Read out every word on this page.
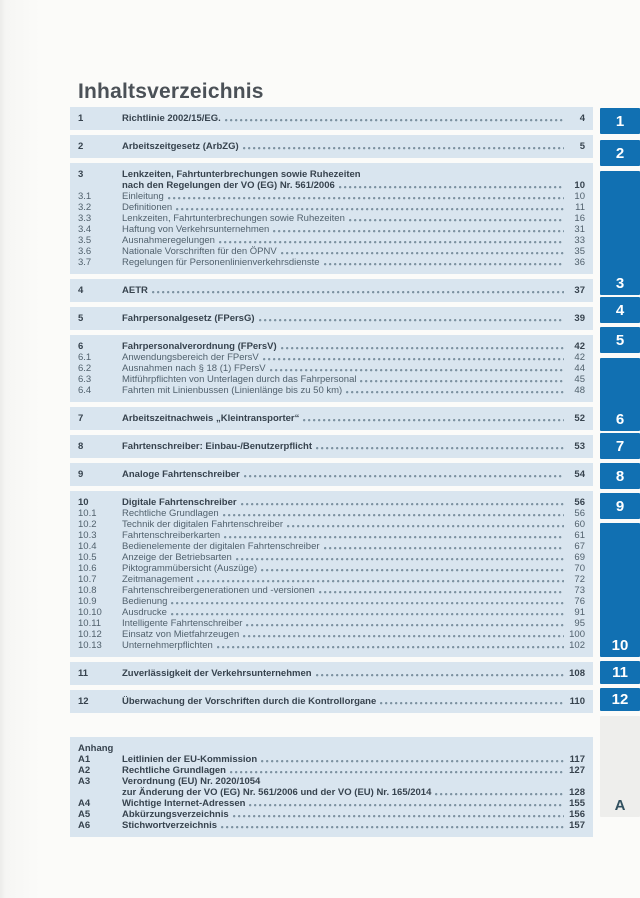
Inhaltsverzeichnis
1	Richtlinie 2002/15/EG.	4
2	Arbeitszeitgesetz (ArbZG)	5
3	Lenkzeiten, Fahrtunterbrechungen sowie Ruhezeiten
nach den Regelungen der VO (EG) Nr. 561/2006	10
3.1	Einleitung	10
3.2	Definitionen	11
3.3	Lenkzeiten, Fahrtunterbrechungen sowie Ruhezeiten	16
3.4	Haftung von Verkehrsunternehmen	31
3.5	Ausnahmeregelungen	33
3.6	Nationale Vorschriften für den ÖPNV	35
3.7	Regelungen für Personenlinienverkehrsdienste	36
4	AETR	37
5	Fahrpersonalgesetz (FPersG)	39
6	Fahrpersonalverordnung (FPersV)	42
6.1	Anwendungsbereich der FPersV	42
6.2	Ausnahmen nach § 18 (1) FPersV	44
6.3	Mitführpflichten von Unterlagen durch das Fahrpersonal	45
6.4	Fahrten mit Linienbussen (Linienlänge bis zu 50 km)	48
7	Arbeitszeitnachweis „Kleintransporter“	52
8	Fahrtenschreiber: Einbau-/Benutzerpflicht	53
9	Analoge Fahrtenschreiber	54
10	Digitale Fahrtenschreiber	56
10.1	Rechtliche Grundlagen	56
10.2	Technik der digitalen Fahrtenschreiber	60
10.3	Fahrtenschreiberkarten	61
10.4	Bedienelemente der digitalen Fahrtenschreiber	67
10.5	Anzeige der Betriebsarten	69
10.6	Piktogrammübersicht (Auszüge)	70
10.7	Zeitmanagement	72
10.8	Fahrtenschreibergenerationen und -versionen	73
10.9	Bedienung	76
10.10	Ausdrucke	91
10.11	Intelligente Fahrtenschreiber	95
10.12	Einsatz von Mietfahrzeugen	100
10.13	Unternehmerpflichten	102
11	Zuverlässigkeit der Verkehrsunternehmen	108
12	Überwachung der Vorschriften durch die Kontrollorgane	110
Anhang
A1	Leitlinien der EU-Kommission	117
A2	Rechtliche Grundlagen	127
A3	Verordnung (EU) Nr. 2020/1054
zur Änderung der VO (EG) Nr. 561/2006 und der VO (EU) Nr. 165/2014	128
A4	Wichtige Internet-Adressen	155
A5	Abkürzungsverzeichnis	156
A6	Stichwortverzeichnis	157
1
2
3
4
5
6
7
8
9
10
11
12
A
